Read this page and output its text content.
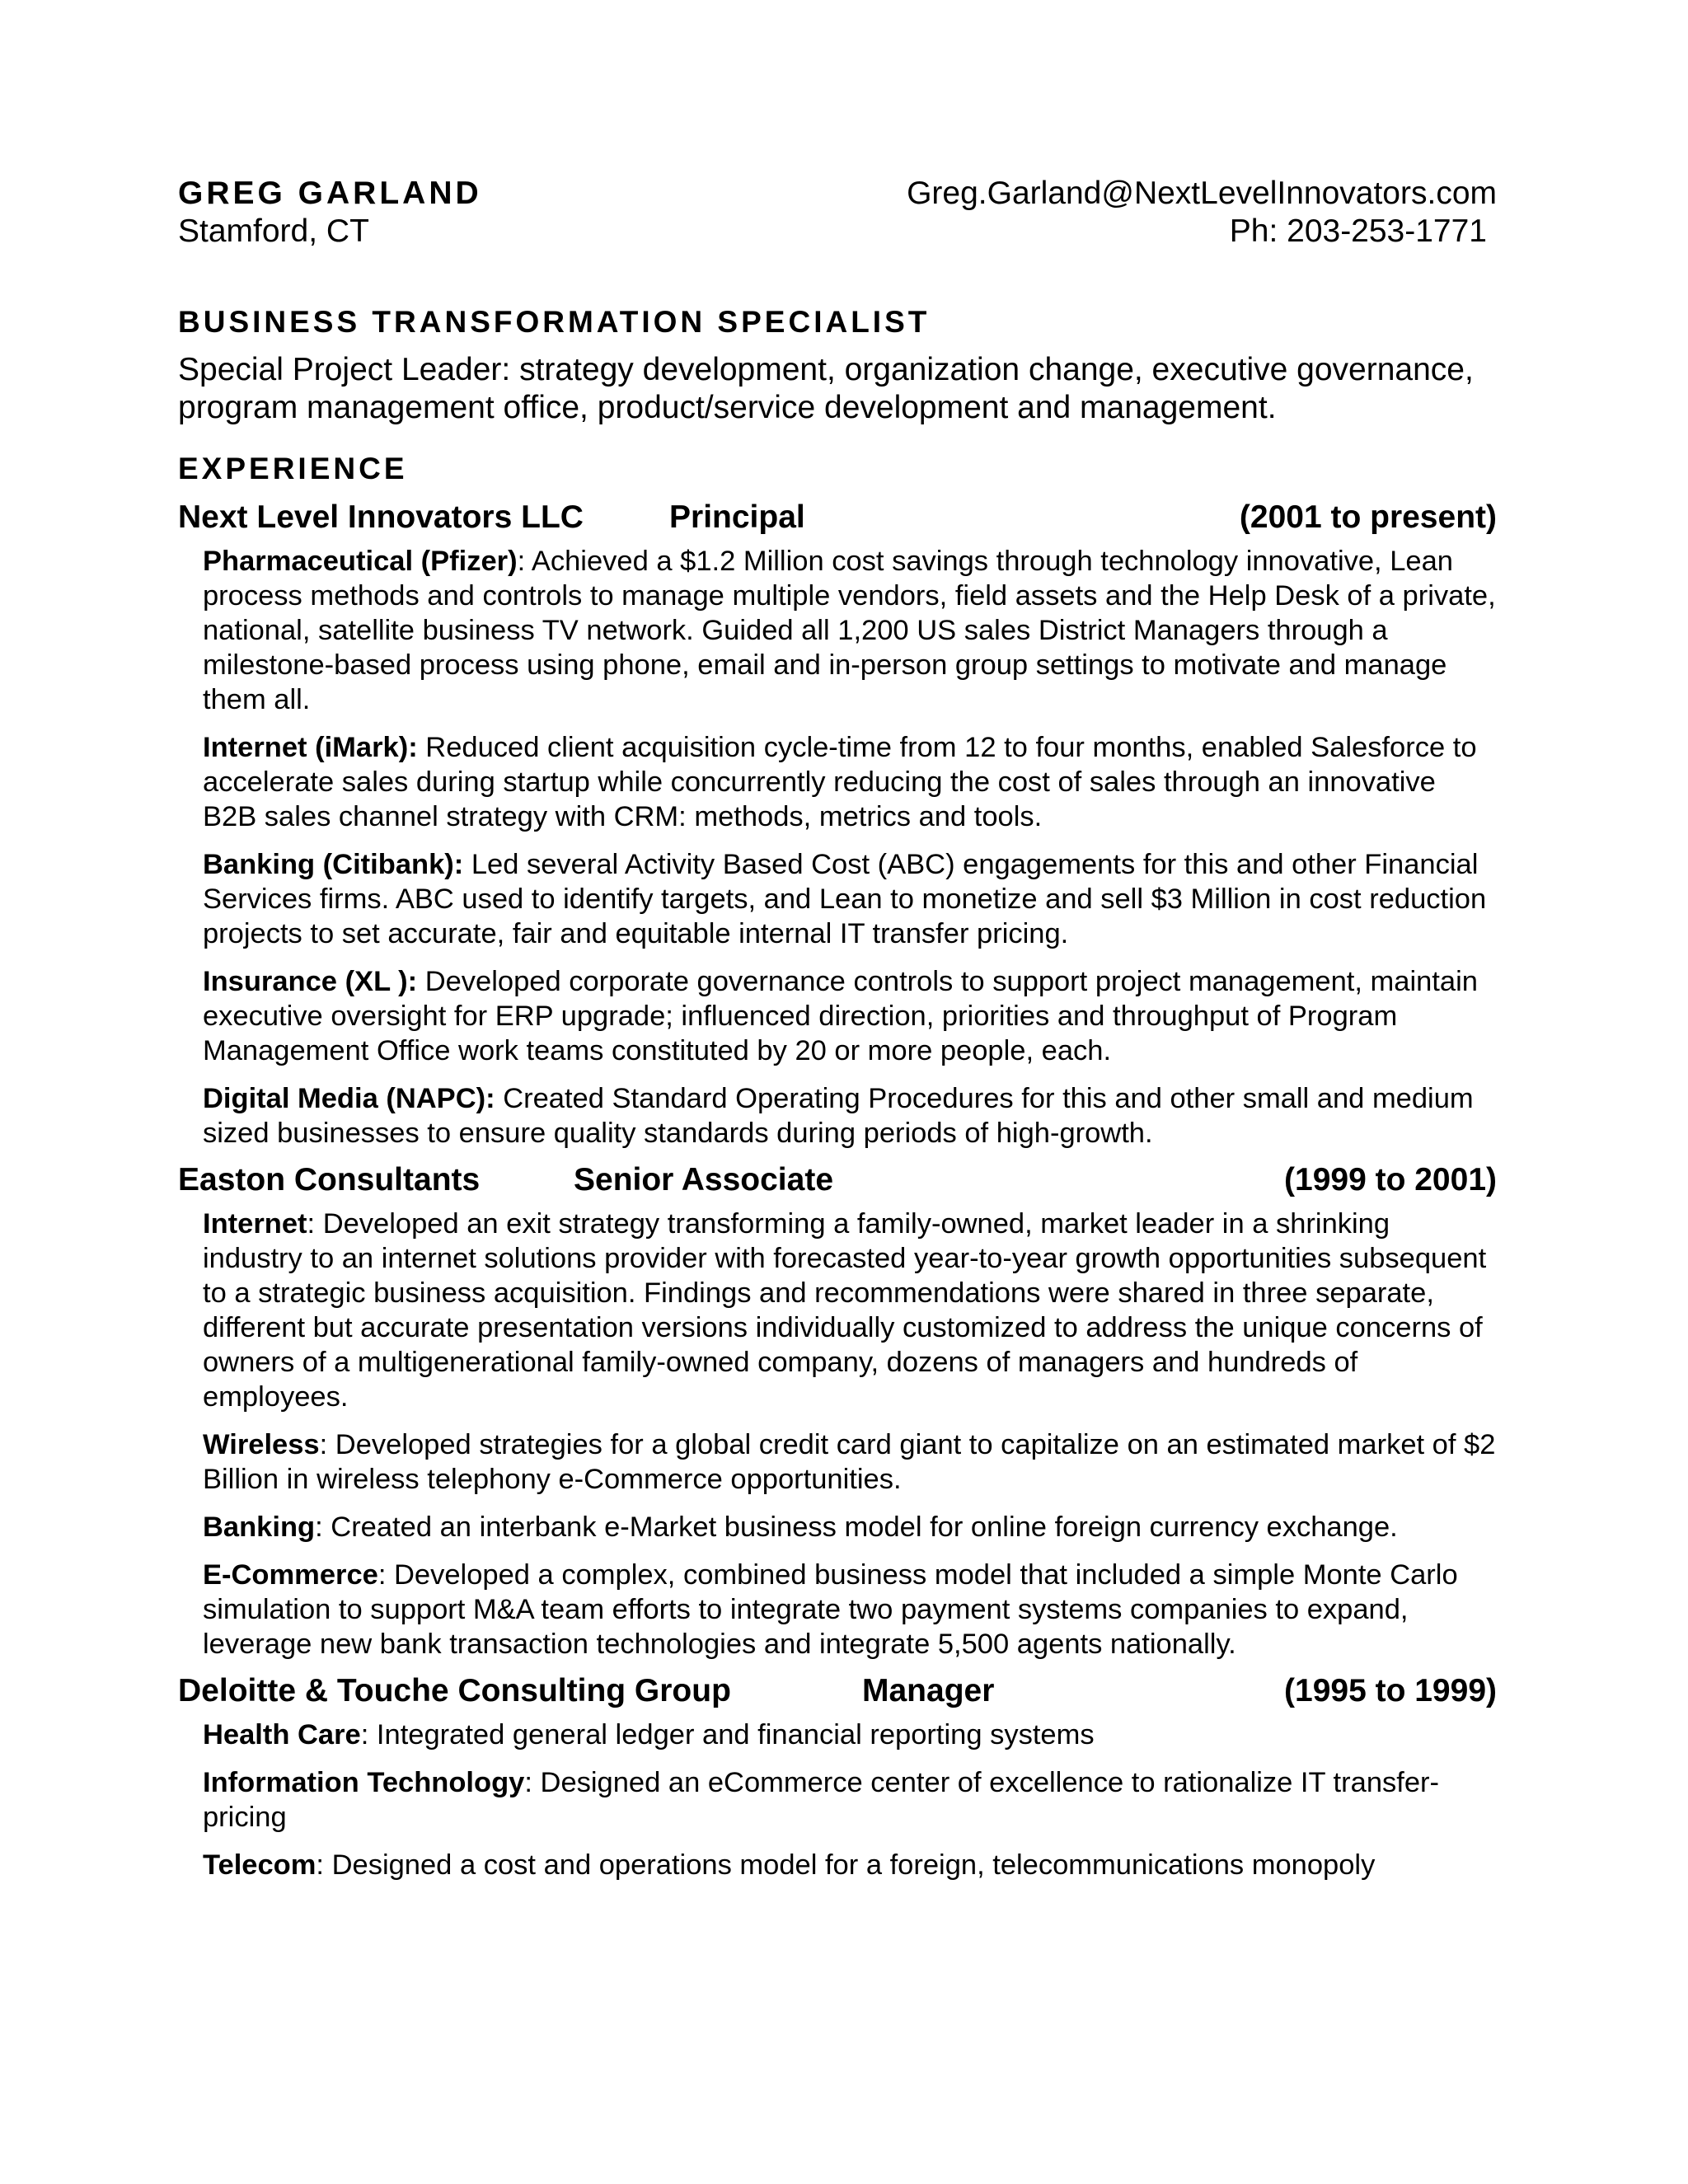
GREG GARLAND	Greg.Garland@NextLevelInnovators.com
Stamford, CT	Ph: 203-253-1771
BUSINESS TRANSFORMATION SPECIALIST
Special Project Leader: strategy development, organization change, executive governance, program management office, product/service development and management.
EXPERIENCE
Next Level Innovators LLC	Principal	(2001 to present)
Pharmaceutical (Pfizer): Achieved a $1.2 Million cost savings through technology innovative, Lean process methods and controls to manage multiple vendors, field assets and the Help Desk of a private, national, satellite business TV network. Guided all 1,200 US sales District Managers through a milestone-based process using phone, email and in-person group settings to motivate and manage them all.
Internet (iMark): Reduced client acquisition cycle-time from 12 to four months, enabled Salesforce to accelerate sales during startup while concurrently reducing the cost of sales through an innovative B2B sales channel strategy with CRM: methods, metrics and tools.
Banking (Citibank): Led several Activity Based Cost (ABC) engagements for this and other Financial Services firms. ABC used to identify targets, and Lean to monetize and sell $3 Million in cost reduction projects to set accurate, fair and equitable internal IT transfer pricing.
Insurance (XL ): Developed corporate governance controls to support project management, maintain executive oversight for ERP upgrade; influenced direction, priorities and throughput of Program Management Office work teams constituted by 20 or more people, each.
Digital Media (NAPC): Created Standard Operating Procedures for this and other small and medium sized businesses to ensure quality standards during periods of high-growth.
Easton Consultants	Senior Associate	(1999 to 2001)
Internet: Developed an exit strategy transforming a family-owned, market leader in a shrinking industry to an internet solutions provider with forecasted year-to-year growth opportunities subsequent to a strategic business acquisition. Findings and recommendations were shared in three separate, different but accurate presentation versions individually customized to address the unique concerns of owners of a multigenerational family-owned company, dozens of managers and hundreds of employees.
Wireless: Developed strategies for a global credit card giant to capitalize on an estimated market of $2 Billion in wireless telephony e-Commerce opportunities.
Banking: Created an interbank e-Market business model for online foreign currency exchange.
E-Commerce: Developed a complex, combined business model that included a simple Monte Carlo simulation to support M&A team efforts to integrate two payment systems companies to expand, leverage new bank transaction technologies and integrate 5,500 agents nationally.
Deloitte & Touche Consulting Group	Manager	(1995 to 1999)
Health Care: Integrated general ledger and financial reporting systems
Information Technology: Designed an eCommerce center of excellence to rationalize IT transfer-pricing
Telecom: Designed a cost and operations model for a foreign, telecommunications monopoly
